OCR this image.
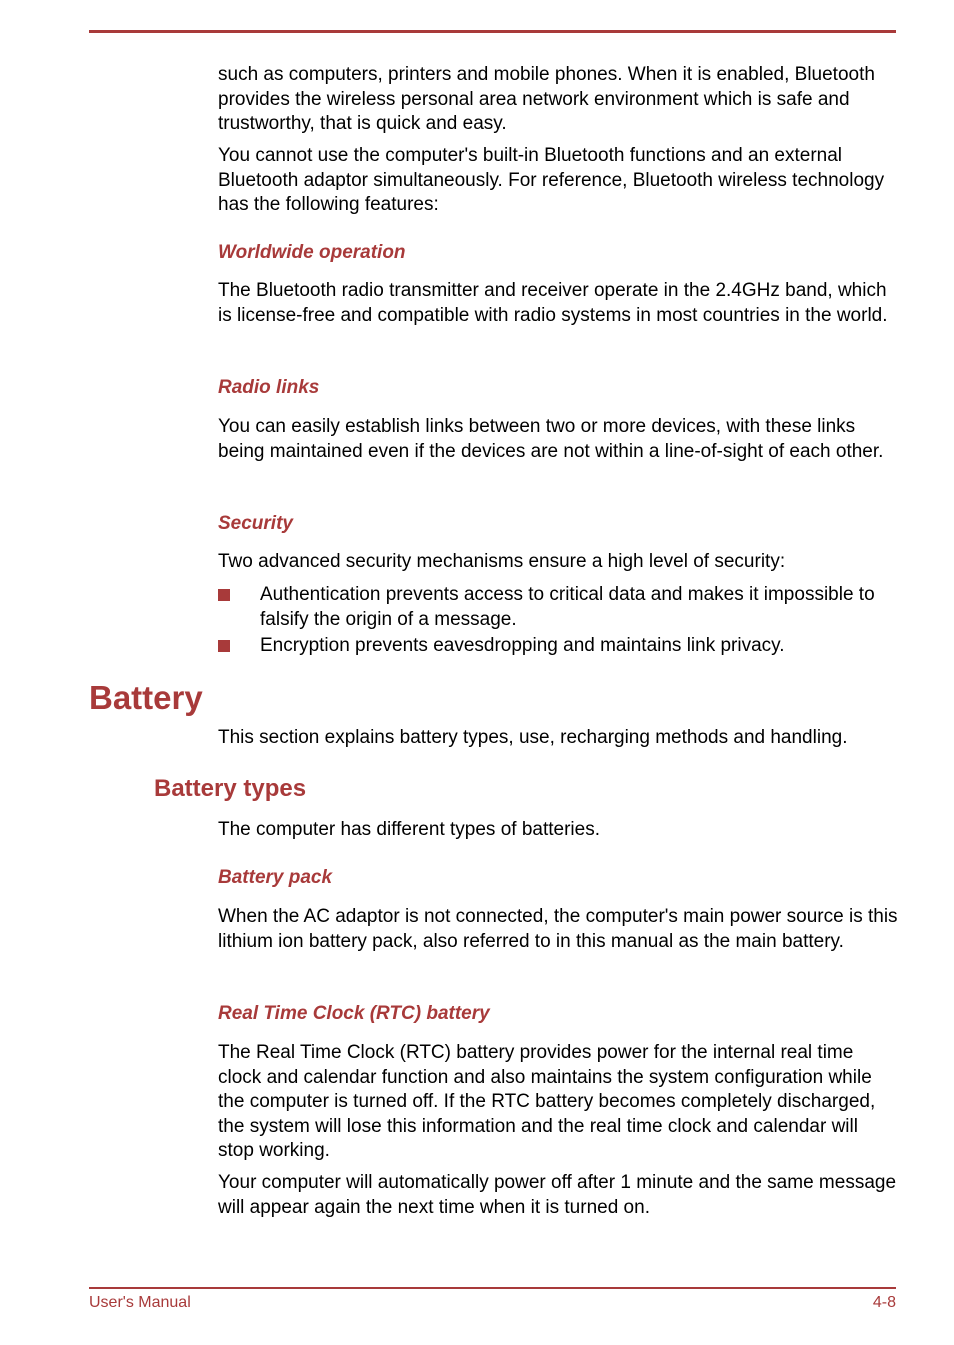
such as computers, printers and mobile phones. When it is enabled, Bluetooth provides the wireless personal area network environment which is safe and trustworthy, that is quick and easy.

You cannot use the computer's built-in Bluetooth functions and an external Bluetooth adaptor simultaneously. For reference, Bluetooth wireless technology has the following features:

Worldwide operation

The Bluetooth radio transmitter and receiver operate in the 2.4GHz band, which is license-free and compatible with radio systems in most countries in the world.

Radio links

You can easily establish links between two or more devices, with these links being maintained even if the devices are not within a line-of-sight of each other.

Security

Two advanced security mechanisms ensure a high level of security:

Authentication prevents access to critical data and makes it impossible to falsify the origin of a message.
Encryption prevents eavesdropping and maintains link privacy.
Battery

This section explains battery types, use, recharging methods and handling.

Battery types

The computer has different types of batteries.

Battery pack

When the AC adaptor is not connected, the computer's main power source is this lithium ion battery pack, also referred to in this manual as the main battery.

Real Time Clock (RTC) battery

The Real Time Clock (RTC) battery provides power for the internal real time clock and calendar function and also maintains the system configuration while the computer is turned off. If the RTC battery becomes completely discharged, the system will lose this information and the real time clock and calendar will stop working.

Your computer will automatically power off after 1 minute and the same message will appear again the next time when it is turned on.

User's Manual	4-8
